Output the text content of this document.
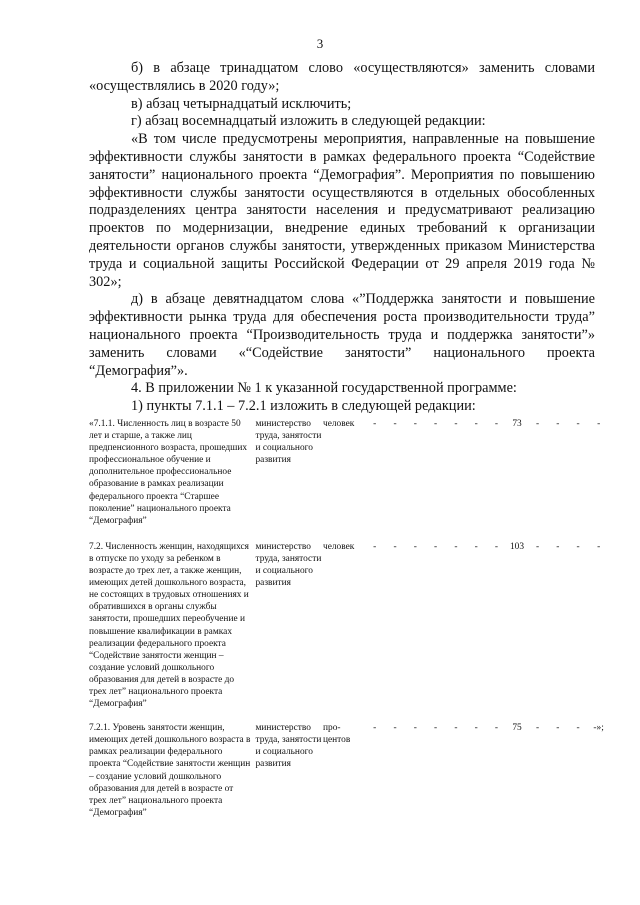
3

б) в абзаце тринадцатом слово «осуществляются» заменить словами «осуществлялись в 2020 году»;

в) абзац четырнадцатый исключить;

г) абзац восемнадцатый изложить в следующей редакции:

«В том числе предусмотрены мероприятия, направленные на повышение эффективности службы занятости в рамках федерального проекта “Содействие занятости” национального проекта “Демография”. Мероприятия по повышению эффективности службы занятости осуществляются в отдельных обособленных подразделениях центра занятости населения и предусматривают реализацию проектов по модернизации, внедрение единых требований к организации деятельности органов службы занятости, утвержденных приказом Министерства труда и социальной защиты Российской Федерации от 29 апреля 2019 года № 302»;

д) в абзаце девятнадцатом слова «”Поддержка занятости и повышение эффективности рынка труда для обеспечения роста производительности труда” национального проекта “Производительность труда и поддержка занятости”» заменить словами «“Содействие занятости” национального проекта “Демография”».

4. В приложении № 1 к указанной государственной программе:

1) пункты 7.1.1 – 7.2.1 изложить в следующей редакции:

«7.1.1. Численность лиц в возрасте 50 лет и старше, а также лиц предпенсионного возраста, прошедших профессиональное обучение и дополнительное профессиональное образование в рамках реализации федерального проекта “Старшее поколение” национального проекта “Демография”	министерство труда, занятости и социального развития	человек	-	-	-	-	-	-	-	73	-	-	-	-
7.2. Численность женщин, находящихся в отпуске по уходу за ребенком в возрасте до трех лет, а также женщин, имеющих детей дошкольного возраста, не состоящих в трудовых отношениях и обратившихся в органы службы занятости, прошедших переобучение и повышение квалификации в рамках реализации федерального проекта “Содействие занятости женщин – создание условий дошкольного образования для детей в возрасте до трех лет” национального проекта “Демография”	министерство труда, занятости и социального развития	человек	-	-	-	-	-	-	-	103	-	-	-	-
7.2.1. Уровень занятости женщин, имеющих детей дошкольного возраста в рамках реализации федерального проекта “Содействие занятости женщин – создание условий дошкольного образования для детей в возрасте от трех лет” национального проекта “Демография”	министерство труда, занятости и социального развития	про-центов	-	-	-	-	-	-	-	75	-	-	-	-»;
